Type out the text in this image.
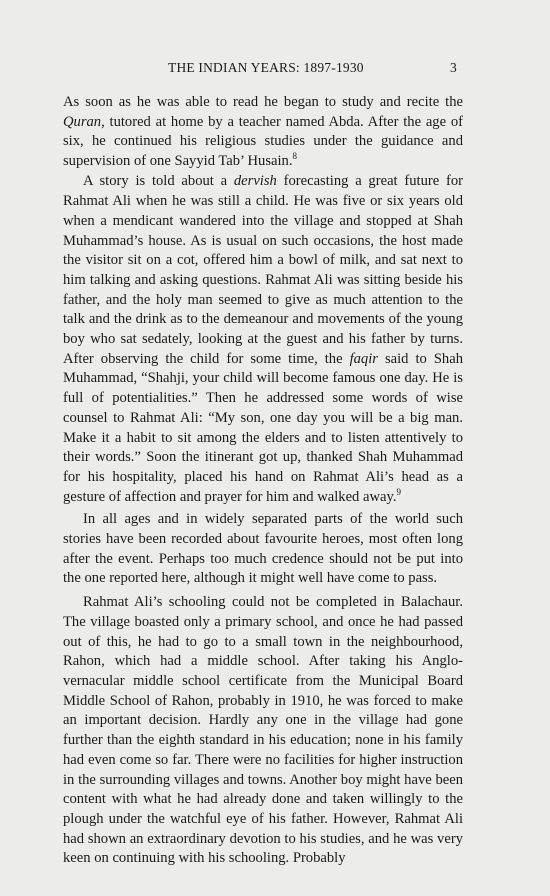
THE INDIAN YEARS: 1897-1930	3

As soon as he was able to read he began to study and recite the Quran, tutored at home by a teacher named Abda. After the age of six, he continued his religious studies under the guidance and supervision of one Sayyid Tab’ Husain.$^8$

A story is told about a dervish forecasting a great future for Rahmat Ali when he was still a child. He was five or six years old when a mendicant wandered into the village and stopped at Shah Muhammad’s house. As is usual on such occasions, the host made the visitor sit on a cot, offered him a bowl of milk, and sat next to him talking and asking questions. Rahmat Ali was sitting beside his father, and the holy man seemed to give as much attention to the talk and the drink as to the demeanour and movements of the young boy who sat sedately, looking at the guest and his father by turns. After observing the child for some time, the faqir said to Shah Muhammad, “Shahji, your child will become famous one day. He is full of potentialities.” Then he addressed some words of wise counsel to Rahmat Ali: “My son, one day you will be a big man. Make it a habit to sit among the elders and to listen attentively to their words.” Soon the itinerant got up, thanked Shah Muhammad for his hospitality, placed his hand on Rahmat Ali’s head as a gesture of affection and prayer for him and walked away.$^9$

In all ages and in widely separated parts of the world such stories have been recorded about favourite heroes, most often long after the event. Perhaps too much credence should not be put into the one reported here, although it might well have come to pass.

Rahmat Ali’s schooling could not be completed in Balachaur. The village boasted only a primary school, and once he had passed out of this, he had to go to a small town in the neighbourhood, Rahon, which had a middle school. After taking his Anglo-vernacular middle school certificate from the Municipal Board Middle School of Rahon, probably in 1910, he was forced to make an important decision. Hardly any one in the village had gone further than the eighth standard in his education; none in his family had even come so far. There were no facilities for higher instruction in the surrounding villages and towns. Another boy might have been content with what he had already done and taken willingly to the plough under the watchful eye of his father. However, Rahmat Ali had shown an extraordinary devotion to his studies, and he was very keen on continuing with his schooling. Probably
